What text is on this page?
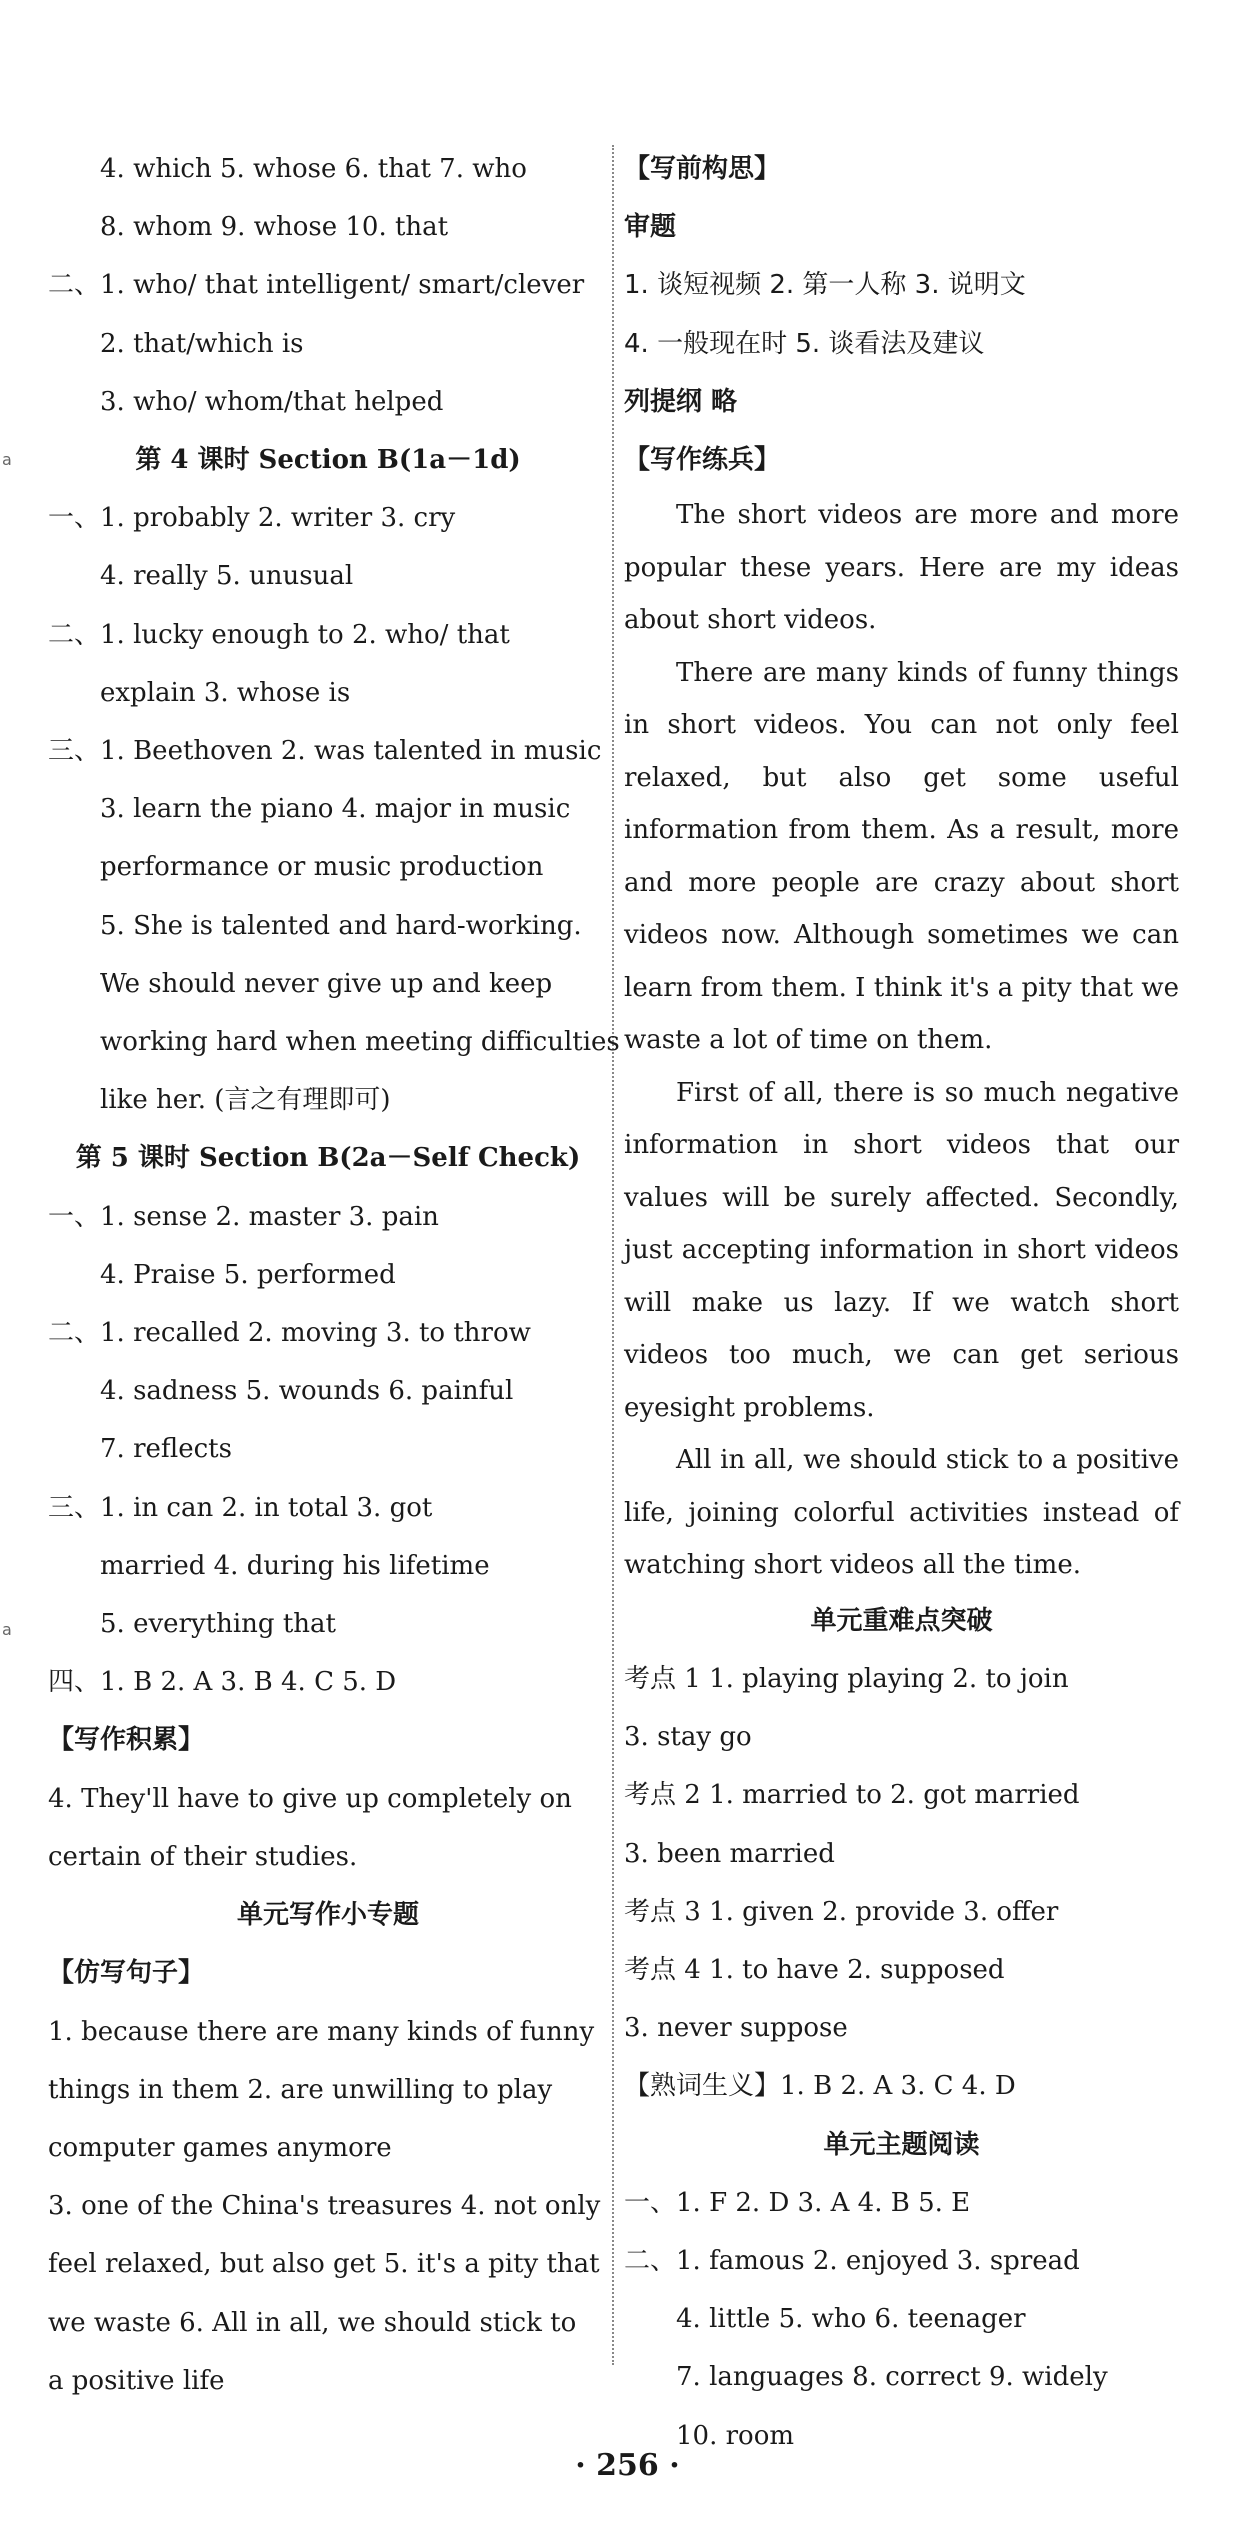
a
a
4. which 5. whose 6. that 7. who
8. whom 9. whose 10. that
二、1. who/ that intelligent/ smart/clever
2. that/which is
3. who/ whom/that helped
第 4 课时 Section B(1a－1d)
一、1. probably 2. writer 3. cry
4. really 5. unusual
二、1. lucky enough to 2. who/ that
explain 3. whose is
三、1. Beethoven 2. was talented in music
3. learn the piano 4. major in music
performance or music production
5. She is talented and hard-working.
We should never give up and keep
working hard when meeting difficulties
like her. (言之有理即可)
第 5 课时 Section B(2a－Self Check)
一、1. sense 2. master 3. pain
4. Praise 5. performed
二、1. recalled 2. moving 3. to throw
4. sadness 5. wounds 6. painful
7. reflects
三、1. in can 2. in total 3. got
married 4. during his lifetime
5. everything that
四、1. B 2. A 3. B 4. C 5. D
【写作积累】
4. They'll have to give up completely on
certain of their studies.
单元写作小专题
【仿写句子】
1. because there are many kinds of funny
things in them 2. are unwilling to play
computer games anymore
3. one of the China's treasures 4. not only
feel relaxed, but also get 5. it's a pity that
we waste 6. All in all, we should stick to
a positive life
【写前构思】
审题
1. 谈短视频 2. 第一人称 3. 说明文
4. 一般现在时 5. 谈看法及建议
列提纲 略
【写作练兵】

The short videos are more and more popular these years. Here are my ideas about short videos.

There are many kinds of funny things in short videos. You can not only feel relaxed, but also get some useful information from them. As a result, more and more people are crazy about short videos now. Although sometimes we can learn from them. I think it's a pity that we waste a lot of time on them.

First of all, there is so much negative information in short videos that our values will be surely affected. Secondly, just accepting information in short videos will make us lazy. If we watch short videos too much, we can get serious eyesight problems.

All in all, we should stick to a positive life, joining colorful activities instead of watching short videos all the time.

单元重难点突破
考点 1 1. playing playing 2. to join
3. stay go
考点 2 1. married to 2. got married
3. been married
考点 3 1. given 2. provide 3. offer
考点 4 1. to have 2. supposed
3. never suppose
【熟词生义】1. B 2. A 3. C 4. D
单元主题阅读
一、1. F 2. D 3. A 4. B 5. E
二、1. famous 2. enjoyed 3. spread
4. little 5. who 6. teenager
7. languages 8. correct 9. widely
10. room
· 256 ·
